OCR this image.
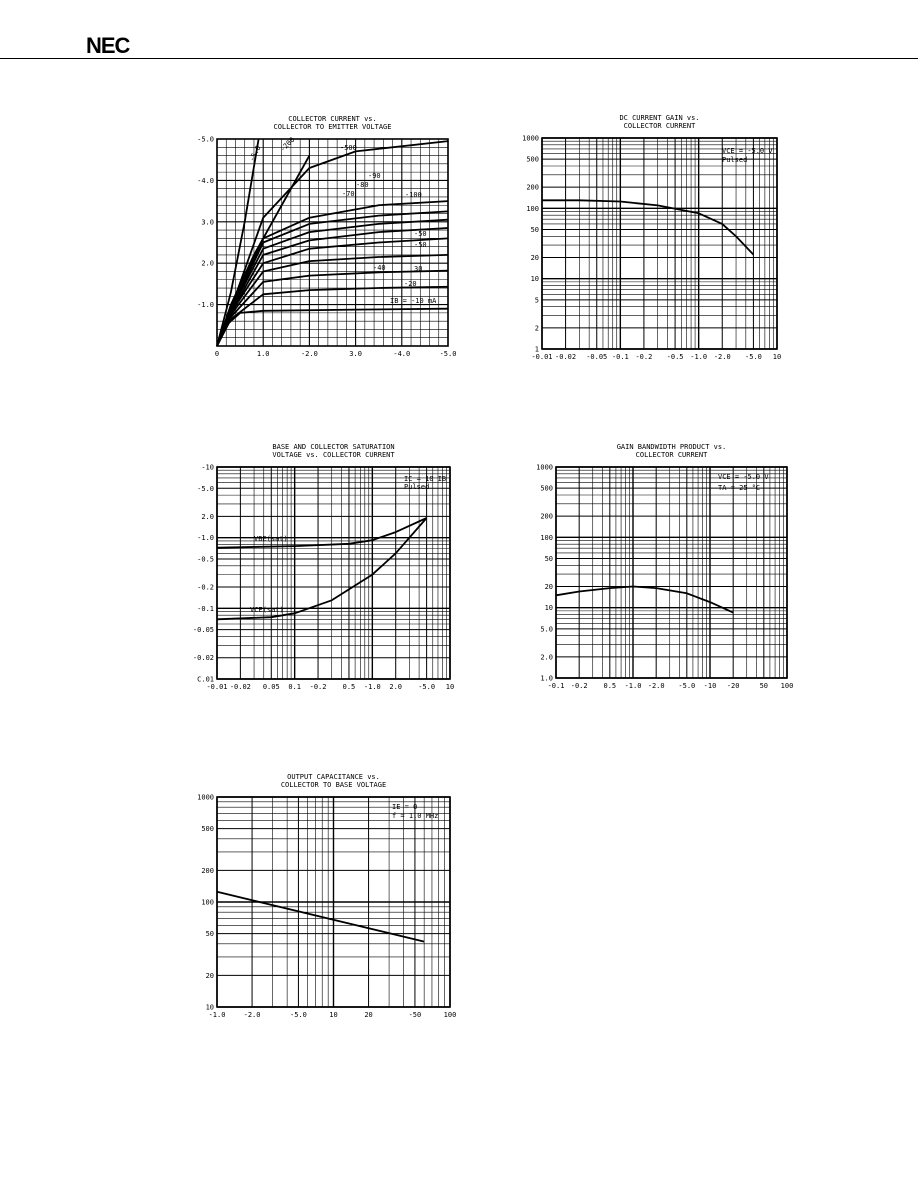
NEC
COLLECTOR CURRENT vs.
COLLECTOR TO EMITTER VOLTAGE
0	1.0	-2.0	3.0	-4.0	-5.0
-1.0
2.0
3.0
-4.0
-5.0
-5.0 -200	-500
-90
-80
-70	-100
-50
-50
-40	30
-20
IB = -10 mA
DC CURRENT GAIN vs.
COLLECTOR CURRENT
-0.01 -0.02 -0.05 -0.1 -0.2 -0.5 -1.0 -2.0 -5.0 10
1
2
5
10
20
50
100
200
500
1000
VCE = -5.0 V
Pulsed
BASE AND COLLECTOR SATURATION
VOLTAGE vs. COLLECTOR CURRENT
-0.01 -0.02 0.05 0.1 -0.2 0.5 -1.0 2.0 -5.0 10
C.01
-0.02
-0.05
-0.1
-0.2
-0.5
-1.0
2.0
-5.0
-10
IC = 10 IB
Pulsed
VBE(sat)
VCE(sat)
GAIN BANDWIDTH PRODUCT vs.
COLLECTOR CURRENT
-0.1 -0.2 0.5 -1.0 -2.0 -5.0 -10 -20	50 100
1.0
2.0
5.0
10
20
50
100
200
500
1000
VCE = -5.0 V
TA = 25 °C
OUTPUT CAPACITANCE vs.
COLLECTOR TO BASE VOLTAGE
-1.0	-2.0	-5.0	10	20	-50	100
10
20
50
100
200
500
1000
IE = 0
f = 1.0 MHz
